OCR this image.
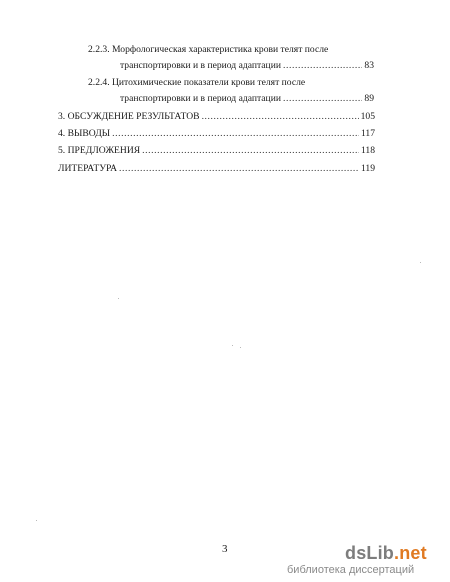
2.2.3. Морфологическая характеристика крови телят после
транспортировки и в период адаптации .....	83
2.2.4. Цитохимические показатели крови телят после
транспортировки и в период адаптации .....	89
3. ОБСУЖДЕНИЕ РЕЗУЛЬТАТОВ .....	105
4. ВЫВОДЫ .....	117
5. ПРЕДЛОЖЕНИЯ .....	118
ЛИТЕРАТУРА .....	119
3	dsLib.net
библиотека диссертаций
